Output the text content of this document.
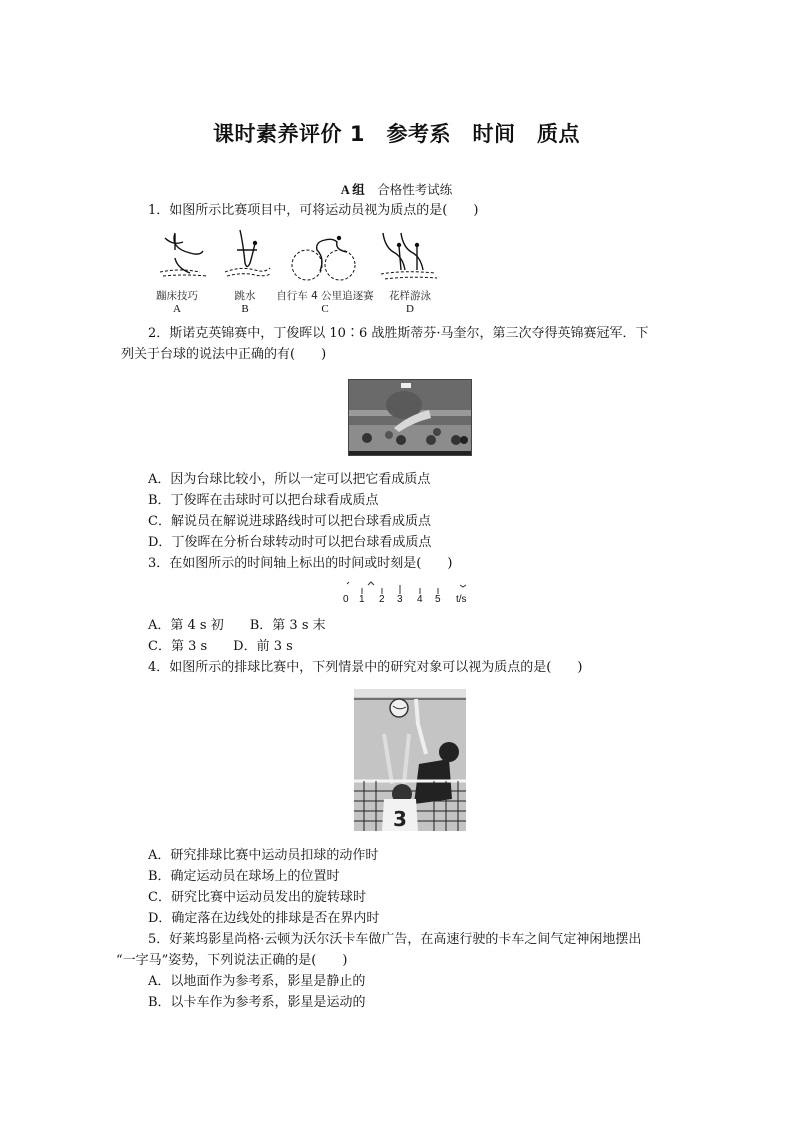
课时素养评价 1　参考系　时间　质点
A 组　 合格性考试练
1．如图所示比赛项目中，可将运动员视为质点的是(　　)
蹦床技巧	跳水	自行车 4 公里追逐赛	花样游泳
A	B	C	D
2．斯诺克英锦赛中，丁俊晖以 10∶6 战胜斯蒂芬·马奎尔，第三次夺得英锦赛冠军．下
列关于台球的说法中正确的有(　　)
A．因为台球比较小，所以一定可以把它看成质点
B．丁俊晖在击球时可以把台球看成质点
C．解说员在解说进球路线时可以把台球看成质点
D．丁俊晖在分析台球转动时可以把台球看成质点
3．在如图所示的时间轴上标出的时间或时刻是(　　)
0 1 2 3 4 5 t/s
A．第 4 s 初　　B．第 3 s 末
C．第 3 s　　D．前 3 s
4．如图所示的排球比赛中，下列情景中的研究对象可以视为质点的是(　　)
3
A．研究排球比赛中运动员扣球的动作时
B．确定运动员在球场上的位置时
C．研究比赛中运动员发出的旋转球时
D．确定落在边线处的排球是否在界内时
5．好莱坞影星尚格·云顿为沃尔沃卡车做广告，在高速行驶的卡车之间气定神闲地摆出
“一字马”姿势，下列说法正确的是(　　)
A．以地面作为参考系，影星是静止的
B．以卡车作为参考系，影星是运动的
